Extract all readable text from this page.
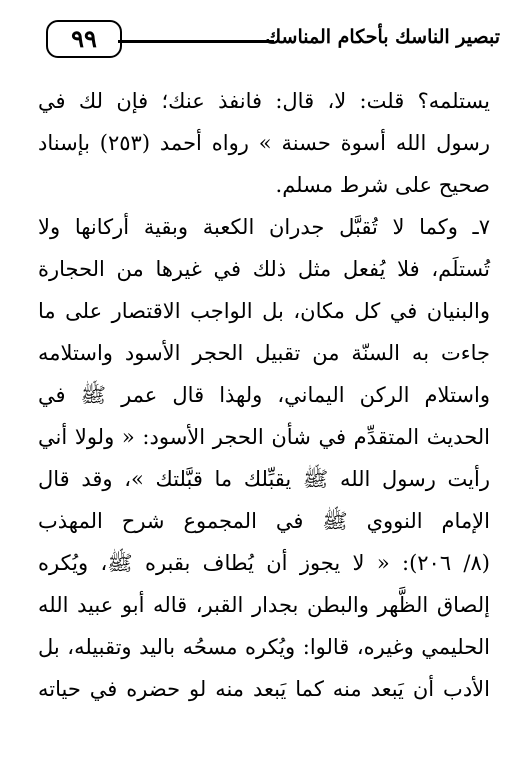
تبصير الناسك بأحكام المناسك
٩٩
يستلمه؟ قلت: لا، قال: فانفذ عنك؛ فإن لك في
رسول الله أسوة حسنة » رواه أحمد (٢٥٣) بإسناد
صحيح على شرط مسلم.
٧ـ وكما لا تُقبَّل جدران الكعبة وبقية أركانها ولا
تُستلَم، فلا يُفعل مثل ذلك في غيرها من الحجارة
والبنيان في كل مكان، بل الواجب الاقتصار على ما
جاءت به السنّة من تقبيل الحجر الأسود واستلامه
واستلام الركن اليماني، ولهذا قال عمر ﷺ في
الحديث المتقدِّم في شأن الحجر الأسود: « ولولا أني
رأيت رسول الله ﷺ يقبِّلك ما قبَّلتك »، وقد قال
الإمام النووي ﷺ في المجموع شرح المهذب
(٨/ ٢٠٦): « لا يجوز أن يُطاف بقبره ﷺ، ويُكره
إلصاق الظَّهر والبطن بجدار القبر، قاله أبو عبيد الله
الحليمي وغيره، قالوا: ويُكره مسحُه باليد وتقبيله، بل
الأدب أن يَبعد منه كما يَبعد منه لو حضره في حياته
